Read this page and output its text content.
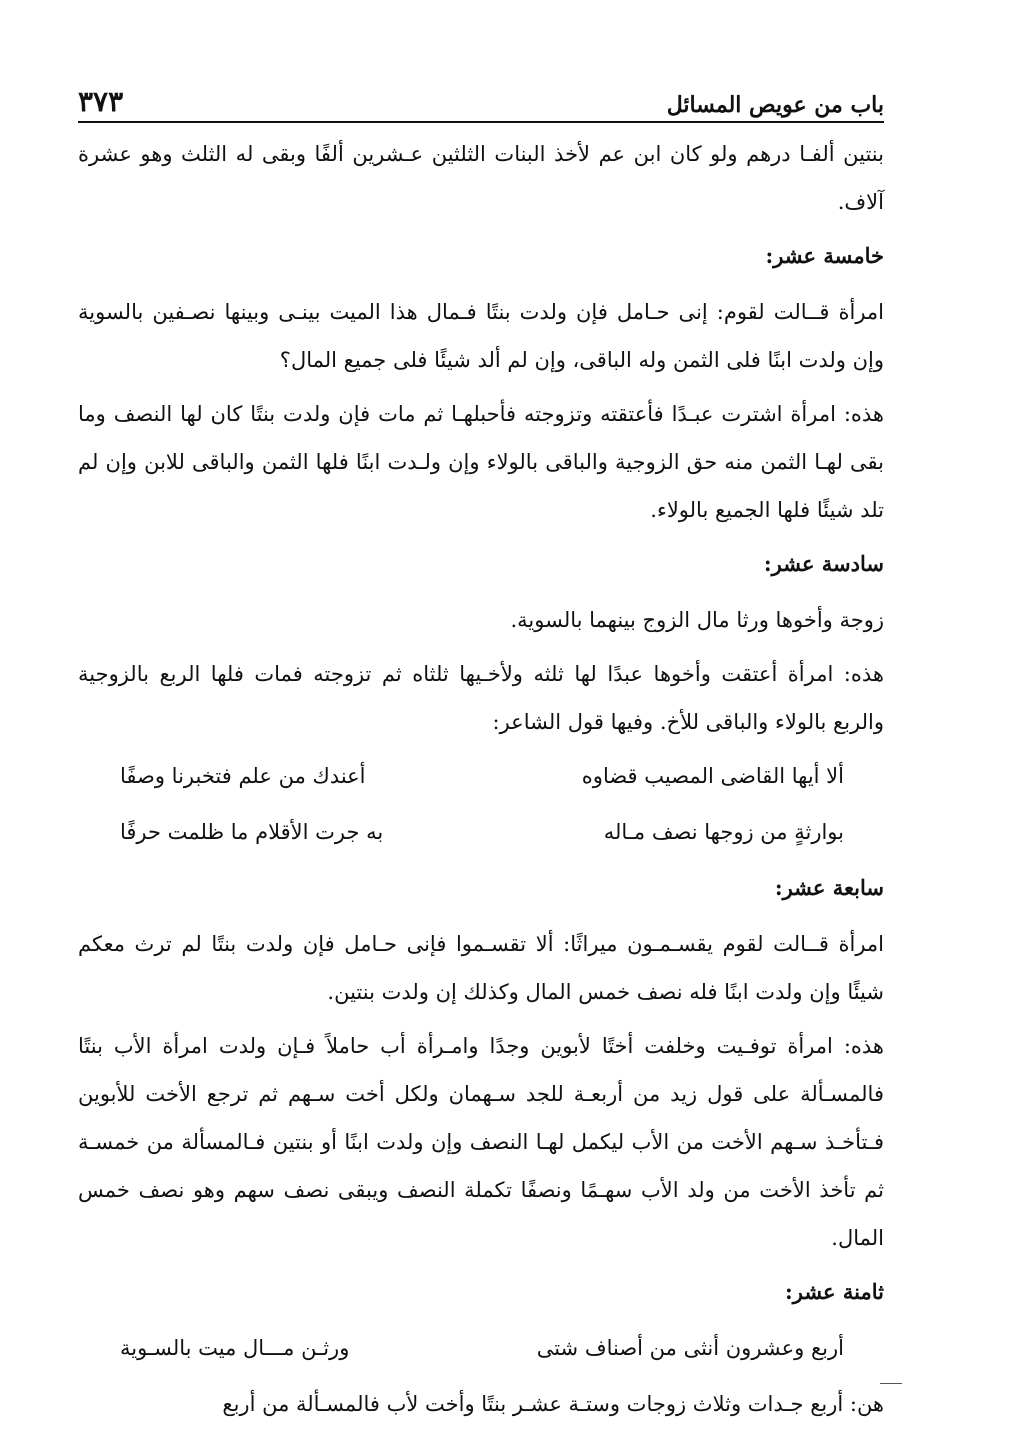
باب من عويص المسائل
٣٧٣

بنتين ألفـا درهم ولو كان ابن عم لأخذ البنات الثلثين عـشرين ألفًا وبقى له الثلث وهو عشرة آلاف.

خامسة عشر:

امرأة قــالت لقوم: إنى حـامل فإن ولدت بنتًا فـمال هذا الميت بينـى وبينها نصـفين بالسوية وإن ولدت ابنًا فلى الثمن وله الباقى، وإن لم ألد شيئًا فلى جميع المال؟

هذه: امرأة اشترت عبـدًا فأعتقته وتزوجته فأحبلهـا ثم مات فإن ولدت بنتًا كان لها النصف وما بقى لهـا الثمن منه حق الزوجية والباقى بالولاء وإن ولـدت ابنًا فلها الثمن والباقى للابن وإن لم تلد شيئًا فلها الجميع بالولاء.

سادسة عشر:

زوجة وأخوها ورثا مال الزوج بينهما بالسوية.

هذه: امرأة أعتقت وأخوها عبدًا لها ثلثه ولأخـيها ثلثاه ثم تزوجته فمات فلها الربع بالزوجية والربع بالولاء والباقى للأخ. وفيها قول الشاعر:

ألا أيها القاضى المصيب قضاوه
أعندك من علم فتخبرنا وصفًا
بوارثةٍ من زوجها نصف مـاله
به جرت الأقلام ما ظلمت حرفًا

سابعة عشر:

امرأة قــالت لقوم يقسـمـون ميراثًا: ألا تقسـموا فإنى حـامل فإن ولدت بنتًا لم ترث معكم شيئًا وإن ولدت ابنًا فله نصف خمس المال وكذلك إن ولدت بنتين.

هذه: امرأة توفـيت وخلفت أختًا لأبوين وجدًا وامـرأة أب حاملاً فـإن ولدت امرأة الأب بنتًا فالمسـألة على قول زيد من أربعـة للجد سـهمان ولكل أخت سـهم ثم ترجع الأخت للأبوين فـتأخـذ سـهم الأخت من الأب ليكمل لهـا النصف وإن ولدت ابنًا أو بنتين فـالمسألة من خمسـة ثم تأخذ الأخت من ولد الأب سهـمًا ونصفًا تكملة النصف ويبقى نصف سهم وهو نصف خمس المال.

ثامنة عشر:

أربع وعشرون أنثى من أصناف شتى
ورثـن مـــال ميت بالسـوية

هن: أربع جـدات وثلاث زوجات وستـة عشـر بنتًا وأخت لأب فالمسـألة من أربع
